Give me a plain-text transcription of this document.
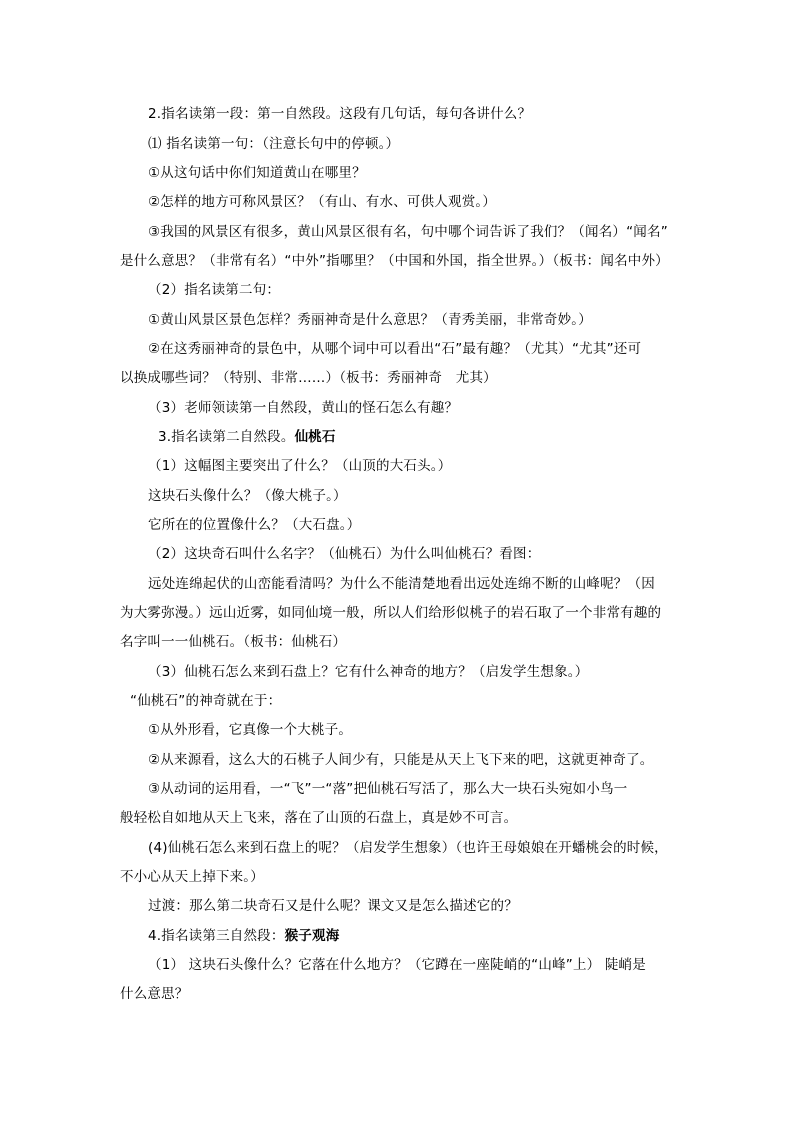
2.指名读第一段：第一自然段。这段有几句话，每句各讲什么？
⑴ 指名读第一句：（注意长句中的停顿。）
①从这句话中你们知道黄山在哪里？
②怎样的地方可称风景区？（有山、有水、可供人观赏。）
③我国的风景区有很多，黄山风景区很有名，句中哪个词告诉了我们？（闻名）“闻名”
是什么意思？（非常有名）“中外”指哪里？（中国和外国，指全世界。）（板书：闻名中外）
（2）指名读第二句：
①黄山风景区景色怎样？秀丽神奇是什么意思？（青秀美丽，非常奇妙。）
②在这秀丽神奇的景色中，从哪个词中可以看出“石”最有趣？（尤其）“尤其”还可
以换成哪些词？（特别、非常……）（板书：秀丽神奇　尤其）
（3）老师领读第一自然段，黄山的怪石怎么有趣？
3.指名读第二自然段。仙桃石
（1）这幅图主要突出了什么？（山顶的大石头。）
这块石头像什么？（像大桃子。）
它所在的位置像什么？（大石盘。）
（2）这块奇石叫什么名字？（仙桃石）为什么叫仙桃石？看图：
远处连绵起伏的山峦能看清吗？为什么不能清楚地看出远处连绵不断的山峰呢？（因
为大雾弥漫。）远山近雾，如同仙境一般，所以人们给形似桃子的岩石取了一个非常有趣的
名字叫一一仙桃石。（板书：仙桃石）
（3）仙桃石怎么来到石盘上？它有什么神奇的地方？（启发学生想象。）
“仙桃石”的神奇就在于：
①从外形看，它真像一个大桃子。
②从来源看，这么大的石桃子人间少有，只能是从天上飞下来的吧，这就更神奇了。
③从动词的运用看，一“飞”一“落”把仙桃石写活了，那么大一块石头宛如小鸟一
般轻松自如地从天上飞来，落在了山顶的石盘上，真是妙不可言。
(4)仙桃石怎么来到石盘上的呢？（启发学生想象）（也许王母娘娘在开蟠桃会的时候，
不小心从天上掉下来。）
过渡：那么第二块奇石又是什么呢？课文又是怎么描述它的？
4.指名读第三自然段：猴子观海
（1） 这块石头像什么？它落在什么地方？（它蹲在一座陡峭的“山峰”上） 陡峭是
什么意思？
